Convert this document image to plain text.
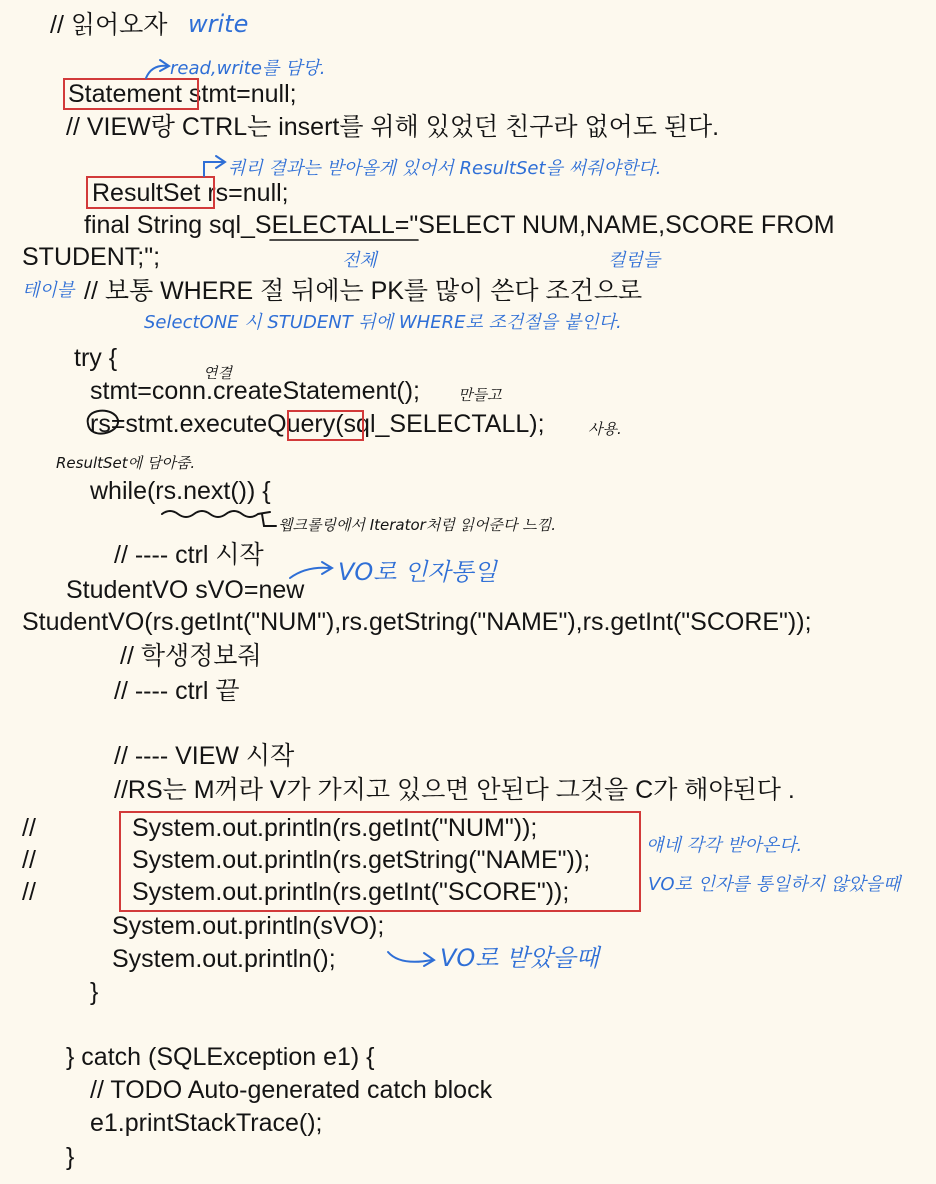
// 읽어오자
Statement stmt=null;
// VIEW랑 CTRL는 insert를 위해 있었던 친구라 없어도 된다.
ResultSet rs=null;
final String sql_SELECTALL="SELECT NUM,NAME,SCORE FROM
STUDENT;";
// 보통 WHERE 절 뒤에는 PK를 많이 쓴다 조건으로
try {
stmt=conn.createStatement();
rs=stmt.executeQuery(sql_SELECTALL);
while(rs.next()) {
// ---- ctrl 시작
StudentVO sVO=new
StudentVO(rs.getInt("NUM"),rs.getString("NAME"),rs.getInt("SCORE"));
// 학생정보줘
// ---- ctrl 끝
// ---- VIEW 시작
//RS는 M꺼라 V가 가지고 있으면 안된다 그것을 C가 해야된다 .
//	System.out.println(rs.getInt("NUM"));
//	System.out.println(rs.getString("NAME"));
//	System.out.println(rs.getInt("SCORE"));
System.out.println(sVO);
System.out.println();
}
} catch (SQLException e1) {
// TODO Auto-generated catch block
e1.printStackTrace();
}
write
read,write를 담당.
쿼리 결과는 받아올게 있어서 ResultSet을 써줘야한다.
전체	컬럼들
테이블
SelectONE 시 STUDENT 뒤에 WHERE로 조건절을 붙인다.
연결
만들고
사용.
ResultSet에 담아줌.
웹크롤링에서 Iterator처럼 읽어준다 느낌.
VO로 인자통일
얘네 각각 받아온다.
VO로 인자를 통일하지 않았을때
VO로 받았을때
